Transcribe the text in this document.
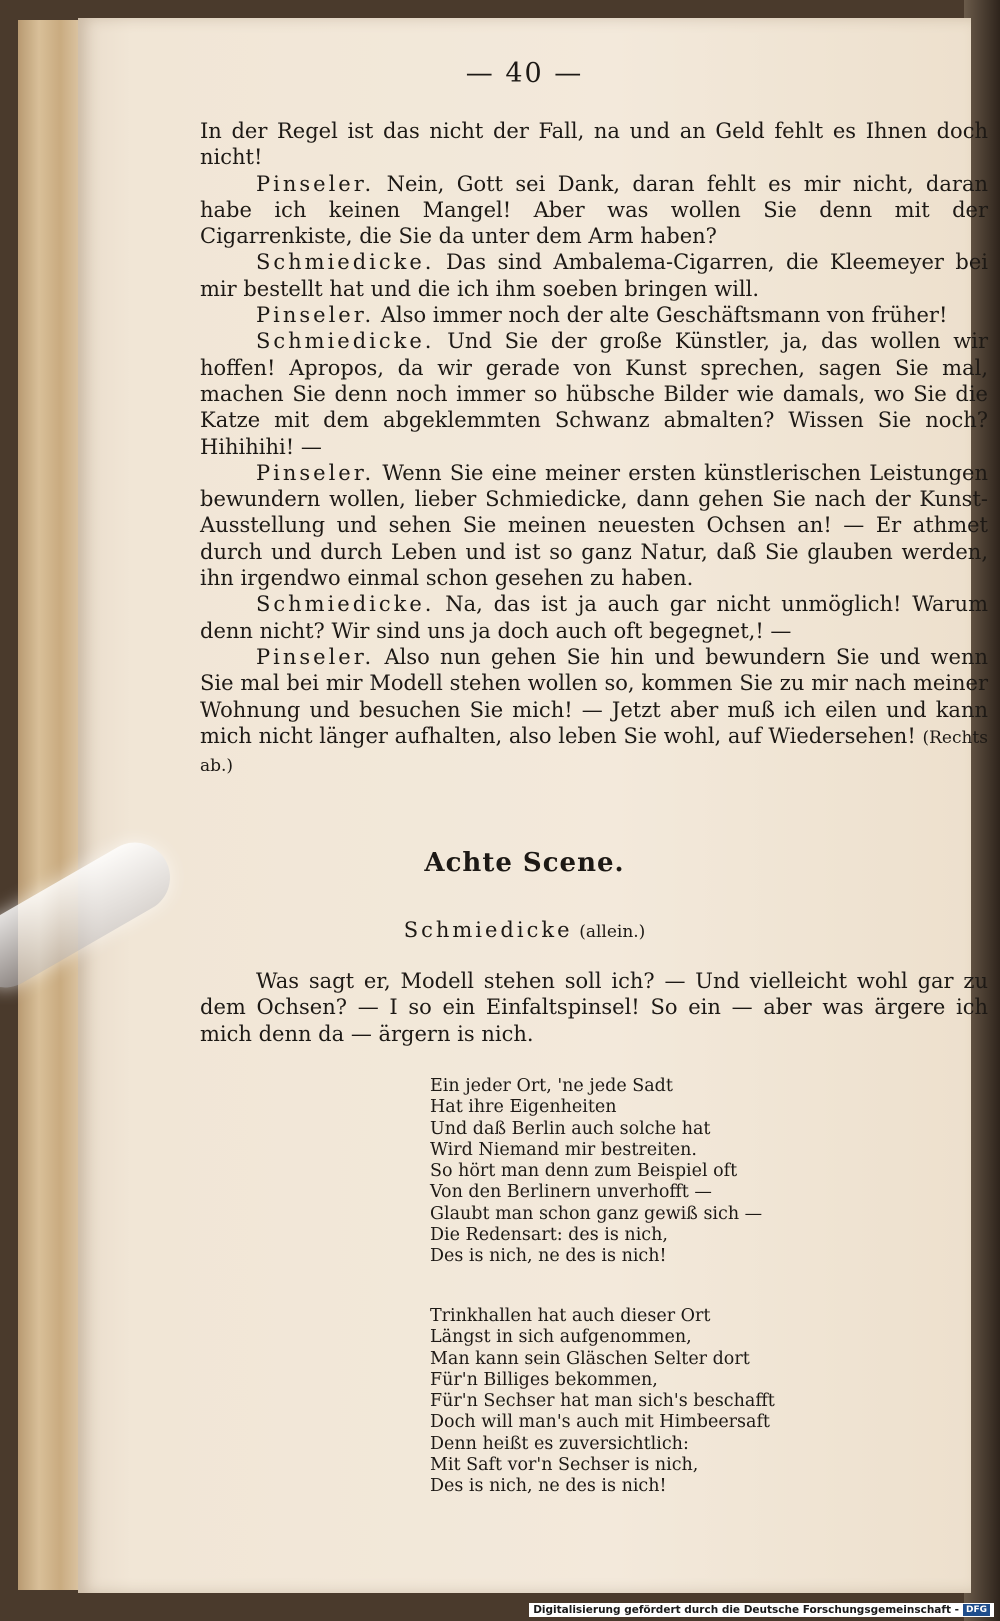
— 40 —

In der Regel ist das nicht der Fall, na und an Geld fehlt es Ihnen doch nicht!

Pinseler. Nein, Gott sei Dank, daran fehlt es mir nicht, daran habe ich keinen Mangel! Aber was wollen Sie denn mit der Cigarrenkiste, die Sie da unter dem Arm haben?

Schmiedicke. Das sind Ambalema-Cigarren, die Kleemeyer bei mir bestellt hat und die ich ihm soeben bringen will.

Pinseler. Also immer noch der alte Geschäftsmann von früher!

Schmiedicke. Und Sie der große Künstler, ja, das wollen wir hoffen! Apropos, da wir gerade von Kunst sprechen, sagen Sie mal, machen Sie denn noch immer so hübsche Bilder wie damals, wo Sie die Katze mit dem abgeklemmten Schwanz abmalten? Wissen Sie noch? Hihihihi! —

Pinseler. Wenn Sie eine meiner ersten künstlerischen Leistungen bewundern wollen, lieber Schmiedicke, dann gehen Sie nach der Kunst-Ausstellung und sehen Sie meinen neuesten Ochsen an! — Er athmet durch und durch Leben und ist so ganz Natur, daß Sie glauben werden, ihn irgendwo einmal schon gesehen zu haben.

Schmiedicke. Na, das ist ja auch gar nicht unmöglich! Warum denn nicht? Wir sind uns ja doch auch oft begegnet,! —

Pinseler. Also nun gehen Sie hin und bewundern Sie und wenn Sie mal bei mir Modell stehen wollen so, kommen Sie zu mir nach meiner Wohnung und besuchen Sie mich! — Jetzt aber muß ich eilen und kann mich nicht länger aufhalten, also leben Sie wohl, auf Wiedersehen! (Rechts ab.)

Achte Scene.
Schmiedicke (allein.)

Was sagt er, Modell stehen soll ich? — Und vielleicht wohl gar zu dem Ochsen? — I so ein Einfaltspinsel! So ein — aber was ärgere ich mich denn da — ärgern is nich.

Ein jeder Ort, 'ne jede Sadt
Hat ihre Eigenheiten
Und daß Berlin auch solche hat
Wird Niemand mir bestreiten.
So hört man denn zum Beispiel oft
Von den Berlinern unverhofft —
Glaubt man schon ganz gewiß sich —
Die Redensart: des is nich,
Des is nich, ne des is nich!
Trinkhallen hat auch dieser Ort
Längst in sich aufgenommen,
Man kann sein Gläschen Selter dort
Für'n Billiges bekommen,
Für'n Sechser hat man sich's beschafft
Doch will man's auch mit Himbeersaft
Denn heißt es zuversichtlich:
Mit Saft vor'n Sechser is nich,
Des is nich, ne des is nich!
Digitalisierung gefördert durch die Deutsche Forschungsgemeinschaft - DFG
